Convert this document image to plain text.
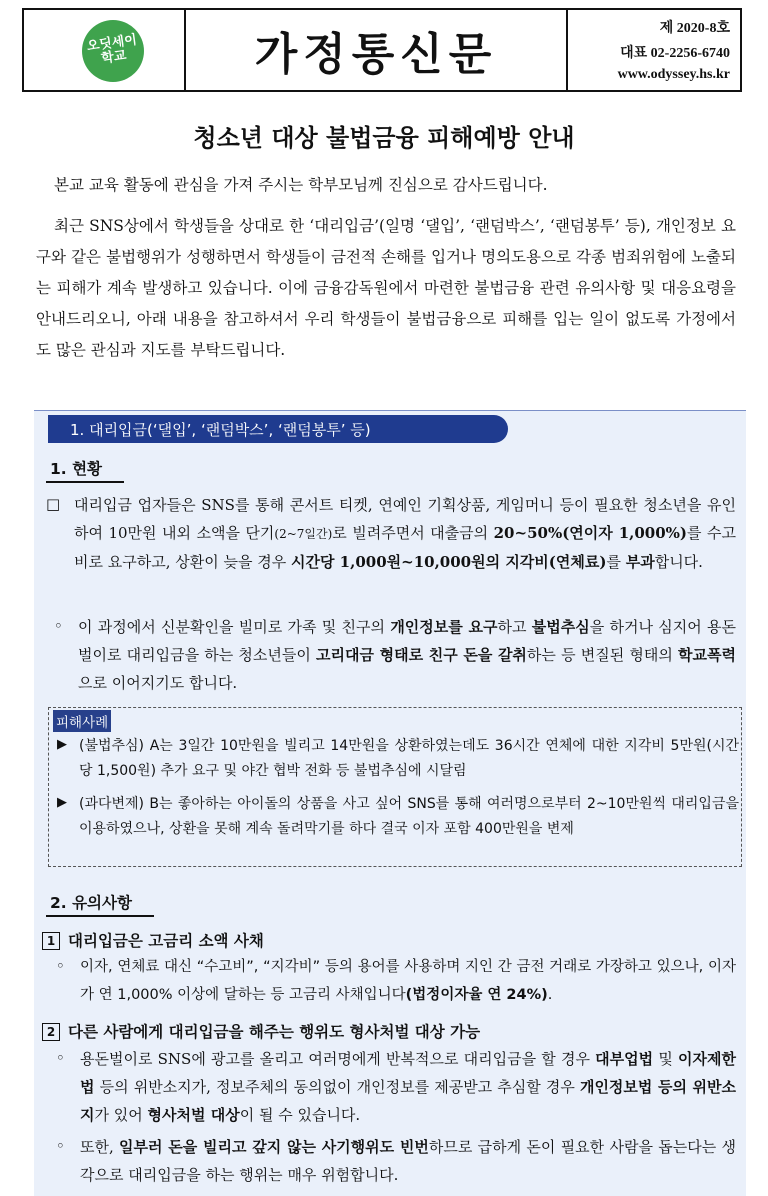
오딧세이학교	가정통신문
제 2020-8호
대표 02-2256-6740
www.odyssey.hs.kr
청소년 대상 불법금융 피해예방 안내
본교 교육 활동에 관심을 가져 주시는 학부모님께 진심으로 감사드립니다.
최근 SNS상에서 학생들을 상대로 한 ‘대리입금’(일명 ‘댈입’, ‘랜덤박스’, ‘랜덤봉투’ 등), 개인정보 요구와 같은 불법행위가 성행하면서 학생들이 금전적 손해를 입거나 명의도용으로 각종 범죄위험에 노출되는 피해가 계속 발생하고 있습니다. 이에 금융감독원에서 마련한 불법금융 관련 유의사항 및 대응요령을 안내드리오니, 아래 내용을 참고하셔서 우리 학생들이 불법금융으로 피해를 입는 일이 없도록 가정에서도 많은 관심과 지도를 부탁드립니다.
1. 대리입금(‘댈입’, ‘랜덤박스’, ‘랜덤봉투’ 등)
1. 현황
□ 대리입금 업자들은 SNS를 통해 콘서트 티켓, 연예인 기획상품, 게임머니 등이 필요한 청소년을 유인하여 10만원 내외 소액을 단기(2~7일간)로 빌려주면서 대출금의 20~50%(연이자 1,000%)를 수고비로 요구하고, 상환이 늦을 경우 시간당 1,000원~10,000원의 지각비(연체료)를 부과합니다.
◦ 이 과정에서 신분확인을 빌미로 가족 및 친구의 개인정보를 요구하고 불법추심을 하거나 심지어 용돈벌이로 대리입금을 하는 청소년들이 고리대금 형태로 친구 돈을 갈취하는 등 변질된 형태의 학교폭력으로 이어지기도 합니다.
피해사례
▶ (불법추심) A는 3일간 10만원을 빌리고 14만원을 상환하였는데도 36시간 연체에 대한 지각비 5만원(시간당 1,500원) 추가 요구 및 야간 협박 전화 등 불법추심에 시달림
▶ (과다변제) B는 좋아하는 아이돌의 상품을 사고 싶어 SNS를 통해 여러명으로부터 2~10만원씩 대리입금을 이용하였으나, 상환을 못해 계속 돌려막기를 하다 결국 이자 포함 400만원을 변제
2. 유의사항
1 대리입금은 고금리 소액 사채
◦ 이자, 연체료 대신 “수고비”, “지각비” 등의 용어를 사용하며 지인 간 금전 거래로 가장하고 있으나, 이자가 연 1,000% 이상에 달하는 등 고금리 사채입니다(법정이자율 연 24%).
2 다른 사람에게 대리입금을 해주는 행위도 형사처벌 대상 가능
◦ 용돈벌이로 SNS에 광고를 올리고 여러명에게 반복적으로 대리입금을 할 경우 대부업법 및 이자제한법 등의 위반소지가, 정보주체의 동의없이 개인정보를 제공받고 추심할 경우 개인정보법 등의 위반소지가 있어 형사처벌 대상이 될 수 있습니다.
◦ 또한, 일부러 돈을 빌리고 갚지 않는 사기행위도 빈번하므로 급하게 돈이 필요한 사람을 돕는다는 생각으로 대리입금을 하는 행위는 매우 위험합니다.
